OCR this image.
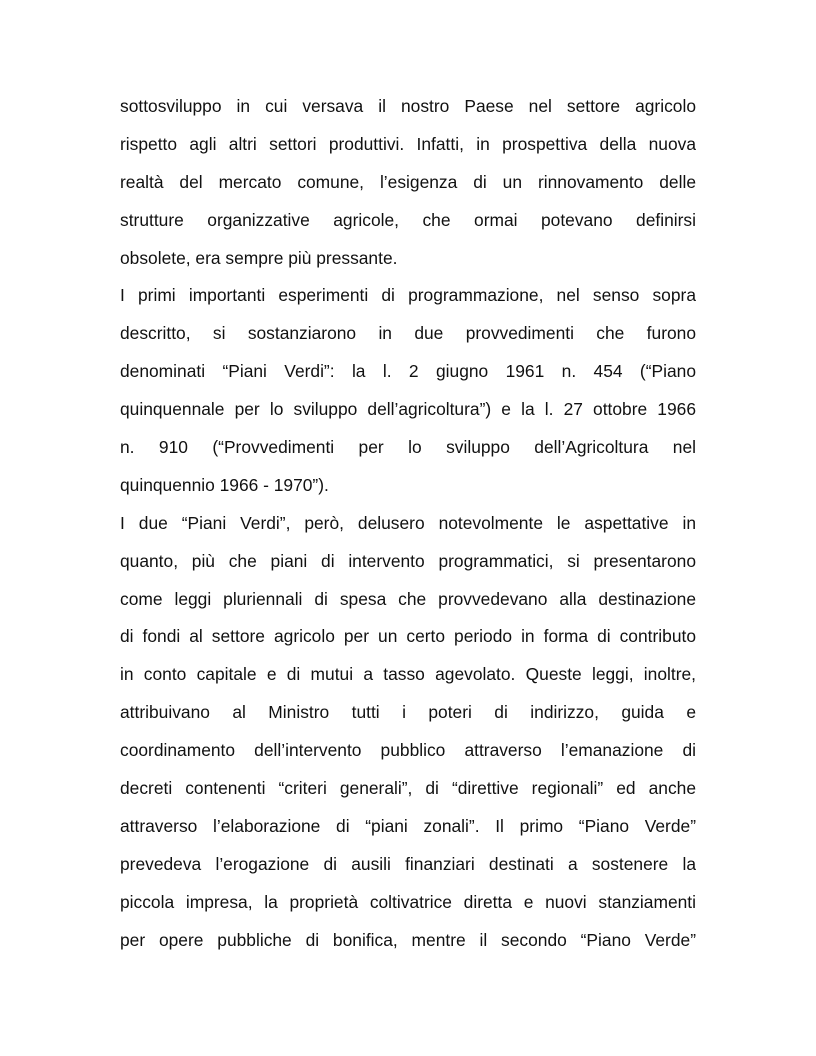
sottosviluppo in cui versava il nostro Paese nel settore agricolo
rispetto agli altri settori produttivi. Infatti, in prospettiva della nuova
realtà del mercato comune, l’esigenza di un rinnovamento delle
strutture organizzative agricole, che ormai potevano definirsi
obsolete, era sempre più pressante.
I primi importanti esperimenti di programmazione, nel senso sopra
descritto, si sostanziarono in due provvedimenti che furono
denominati “Piani Verdi”: la l. 2 giugno 1961 n. 454 (“Piano
quinquennale per lo sviluppo dell’agricoltura”) e la l. 27 ottobre 1966
n. 910 (“Provvedimenti per lo sviluppo dell’Agricoltura nel
quinquennio 1966 - 1970”).
I due “Piani Verdi”, però, delusero notevolmente le aspettative in
quanto, più che piani di intervento programmatici, si presentarono
come leggi pluriennali di spesa che provvedevano alla destinazione
di fondi al settore agricolo per un certo periodo in forma di contributo
in conto capitale e di mutui a tasso agevolato. Queste leggi, inoltre,
attribuivano al Ministro tutti i poteri di indirizzo, guida e
coordinamento dell’intervento pubblico attraverso l’emanazione di
decreti contenenti “criteri generali”, di “direttive regionali” ed anche
attraverso l’elaborazione di “piani zonali”. Il primo “Piano Verde”
prevedeva l’erogazione di ausili finanziari destinati a sostenere la
piccola impresa, la proprietà coltivatrice diretta e nuovi stanziamenti
per opere pubbliche di bonifica, mentre il secondo “Piano Verde”
